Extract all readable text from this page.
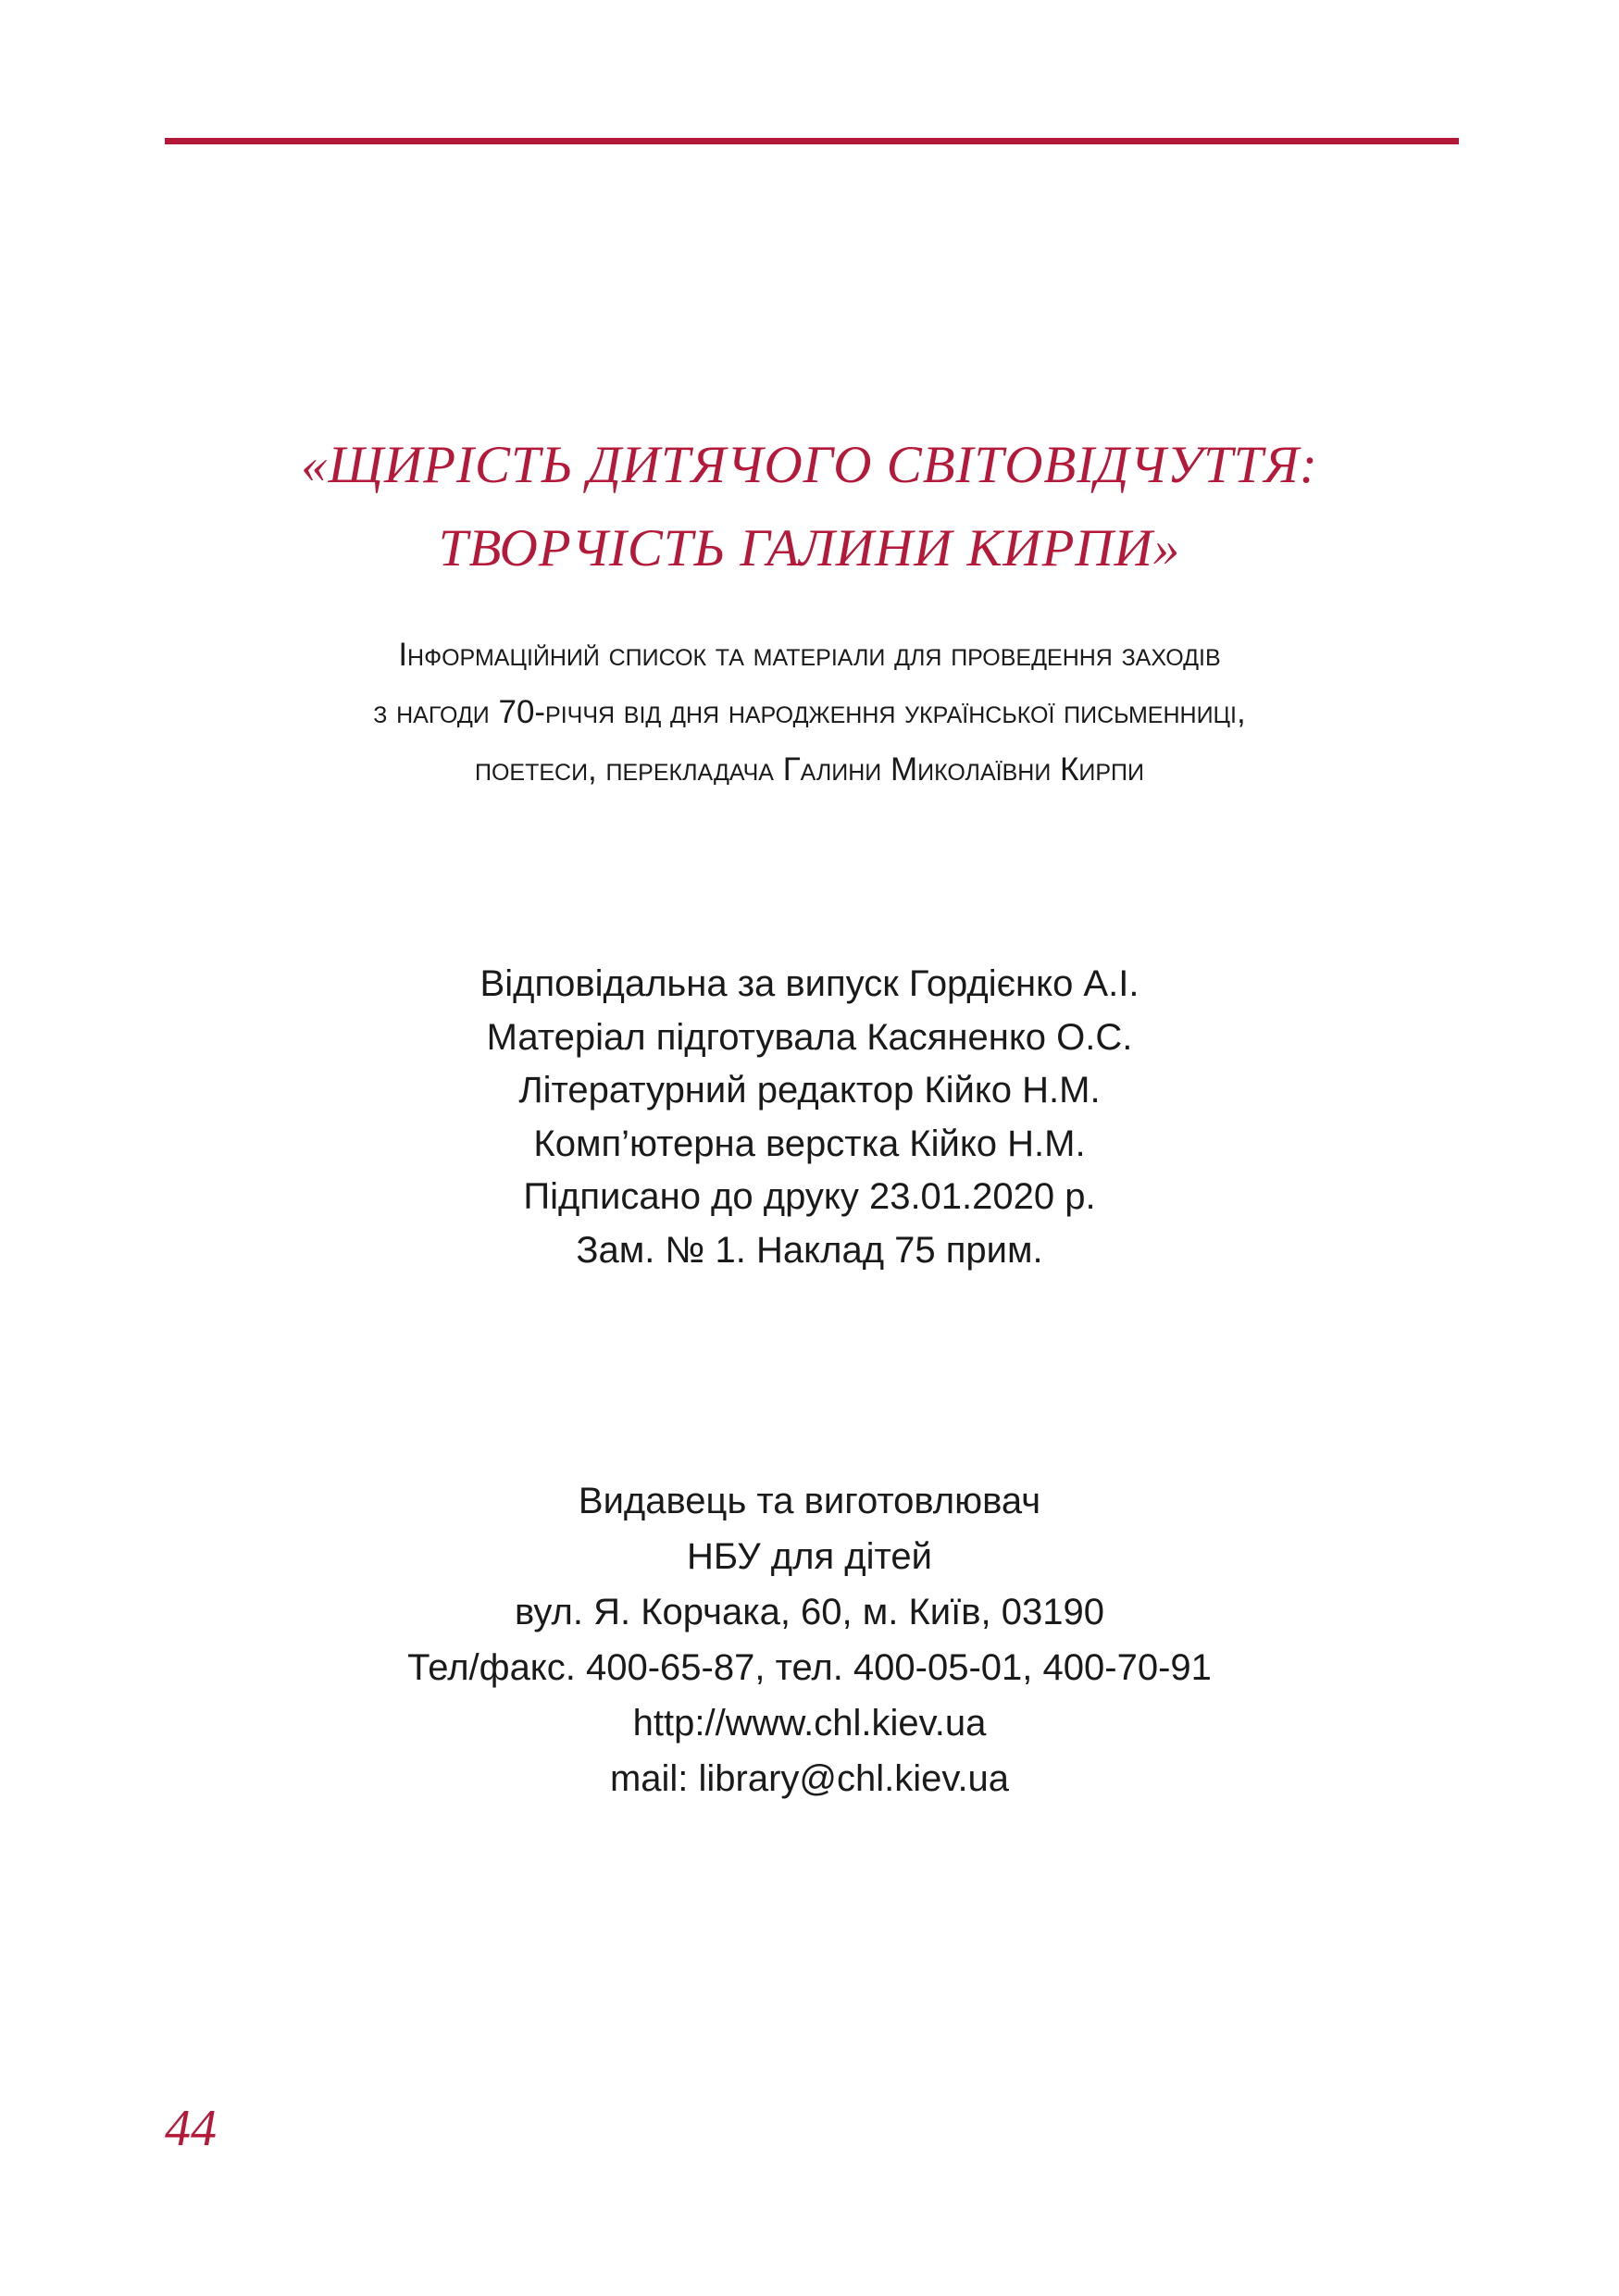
«ЩИРІСТЬ ДИТЯЧОГО СВІТОВІДЧУТТЯ:
ТВОРЧІСТЬ ГАЛИНИ КИРПИ»
Інформаційний список та матеріали для проведення заходів
з нагоди 70-річчя від дня народження української письменниці,
поетеси, перекладача Галини Миколаївни Кирпи
Відповідальна за випуск Гордієнко А.І.
Матеріал підготувала Касяненко О.С.
Літературний редактор Кійко Н.М.
Комп’ютерна верстка Кійко Н.М.
Підписано до друку 23.01.2020 р.
Зам. № 1. Наклад 75 прим.
Видавець та виготовлювач
НБУ для дітей
вул. Я. Корчака, 60, м. Київ, 03190
Тел/факс. 400-65-87, тел. 400-05-01, 400-70-91
http://www.chl.kiev.ua
mail: library@chl.kiev.ua
44
